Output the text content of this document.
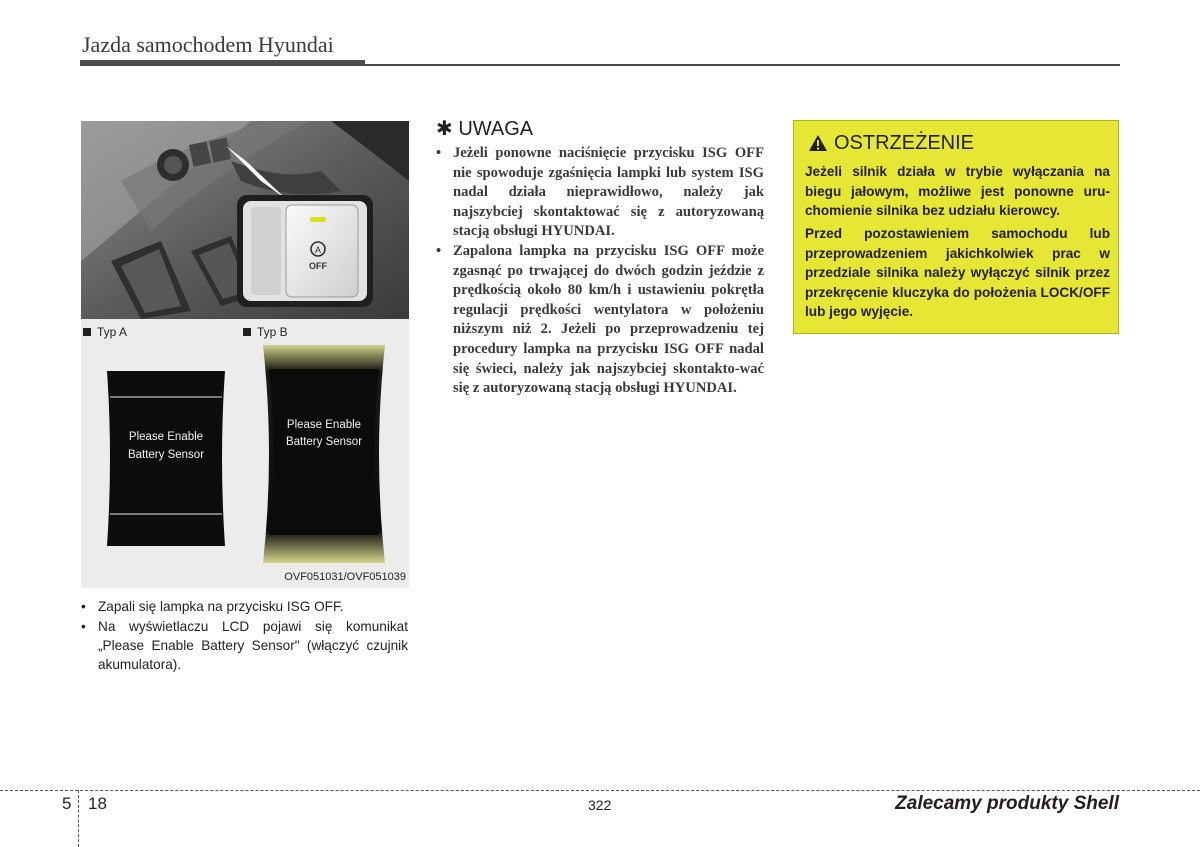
Jazda samochodem Hyundai
A
OFF
Typ A	Typ B
Please Enable
Battery Sensor
Please Enable
Battery Sensor
OVF051031/OVF051039
• Zapali się lampka na przycisku ISG OFF.
• Na wyświetlaczu LCD pojawi się komunikat „Please Enable Battery Sensor" (włączyć czujnik akumulatora).
✱ UWAGA
• Jeżeli ponowne naciśnięcie przycisku ISG OFF nie spowoduje zgaśnięcia lampki lub system ISG nadal działa nieprawidłowo, należy jak najszybciej skontaktować się z autoryzowaną stacją obsługi HYUNDAI.
• Zapalona lampka na przycisku ISG OFF może zgasnąć po trwającej do dwóch godzin jeździe z prędkością około 80 km/h i ustawieniu pokrętła regulacji prędkości wentylatora w położeniu niższym niż 2. Jeżeli po przeprowadzeniu tej procedury lampka na przycisku ISG OFF nadal się świeci, należy jak najszybciej skontakto-wać się z autoryzowaną stacją obsługi HYUNDAI.
OSTRZEŻENIE
Jeżeli silnik działa w trybie wyłączania na biegu jałowym, możliwe jest ponowne uru-chomienie silnika bez udziału kierowcy.
Przed pozostawieniem samochodu lub przeprowadzeniem jakichkolwiek prac w przedziale silnika należy wyłączyć silnik przez przekręcenie kluczyka do położenia LOCK/OFF lub jego wyjęcie.
5 18	322	Zalecamy produkty Shell
